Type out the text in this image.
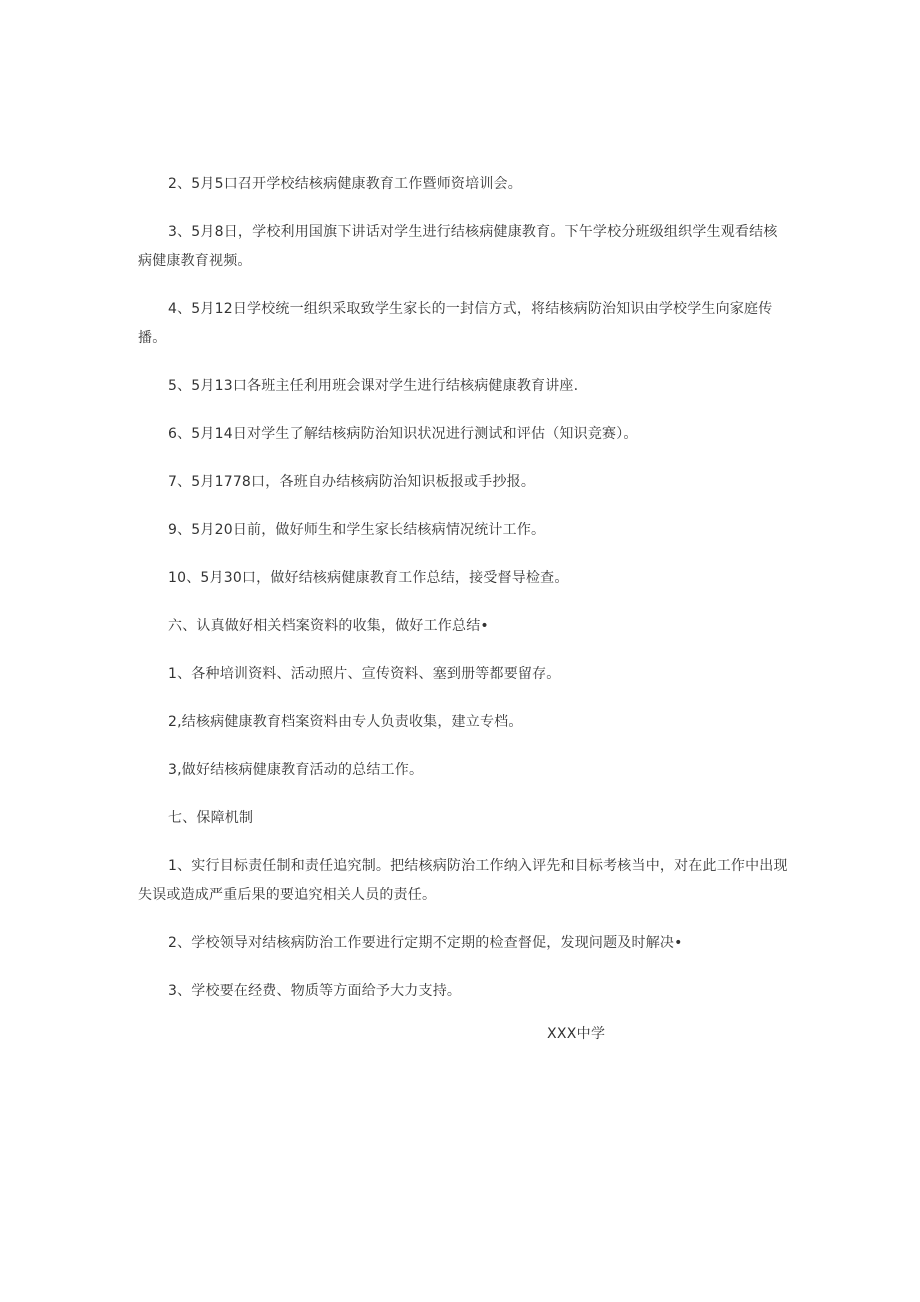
2、5月5口召开学校结核病健康教育工作暨师资培训会。

3、5月8日，学校利用国旗下讲话对学生进行结核病健康教育。下午学校分班级组织学生观看结核病健康教育视频。

4、5月12日学校统一组织采取致学生家长的一封信方式，将结核病防治知识由学校学生向家庭传播。

5、5月13口各班主任利用班会课对学生进行结核病健康教育讲座.

6、5月14日对学生了解结核病防治知识状况进行测试和评估（知识竞赛）。

7、5月1778口，各班自办结核病防治知识板报或手抄报。

9、5月20日前，做好师生和学生家长结核病情况统计工作。

10、5月30口，做好结核病健康教育工作总结，接受督导检查。

六、认真做好相关档案资料的收集，做好工作总结•

1、各种培训资料、活动照片、宣传资料、塞到册等都要留存。

2,结核病健康教育档案资料由专人负责收集，建立专档。

3,做好结核病健康教育活动的总结工作。

七、保障机制

1、实行目标责任制和责任追究制。把结核病防治工作纳入评先和目标考核当中，对在此工作中出现失误或造成严重后果的要追究相关人员的责任。

2、学校领导对结核病防治工作要进行定期不定期的检查督促，发现问题及时解决•

3、学校要在经费、物质等方面给予大力支持。

XXX中学
